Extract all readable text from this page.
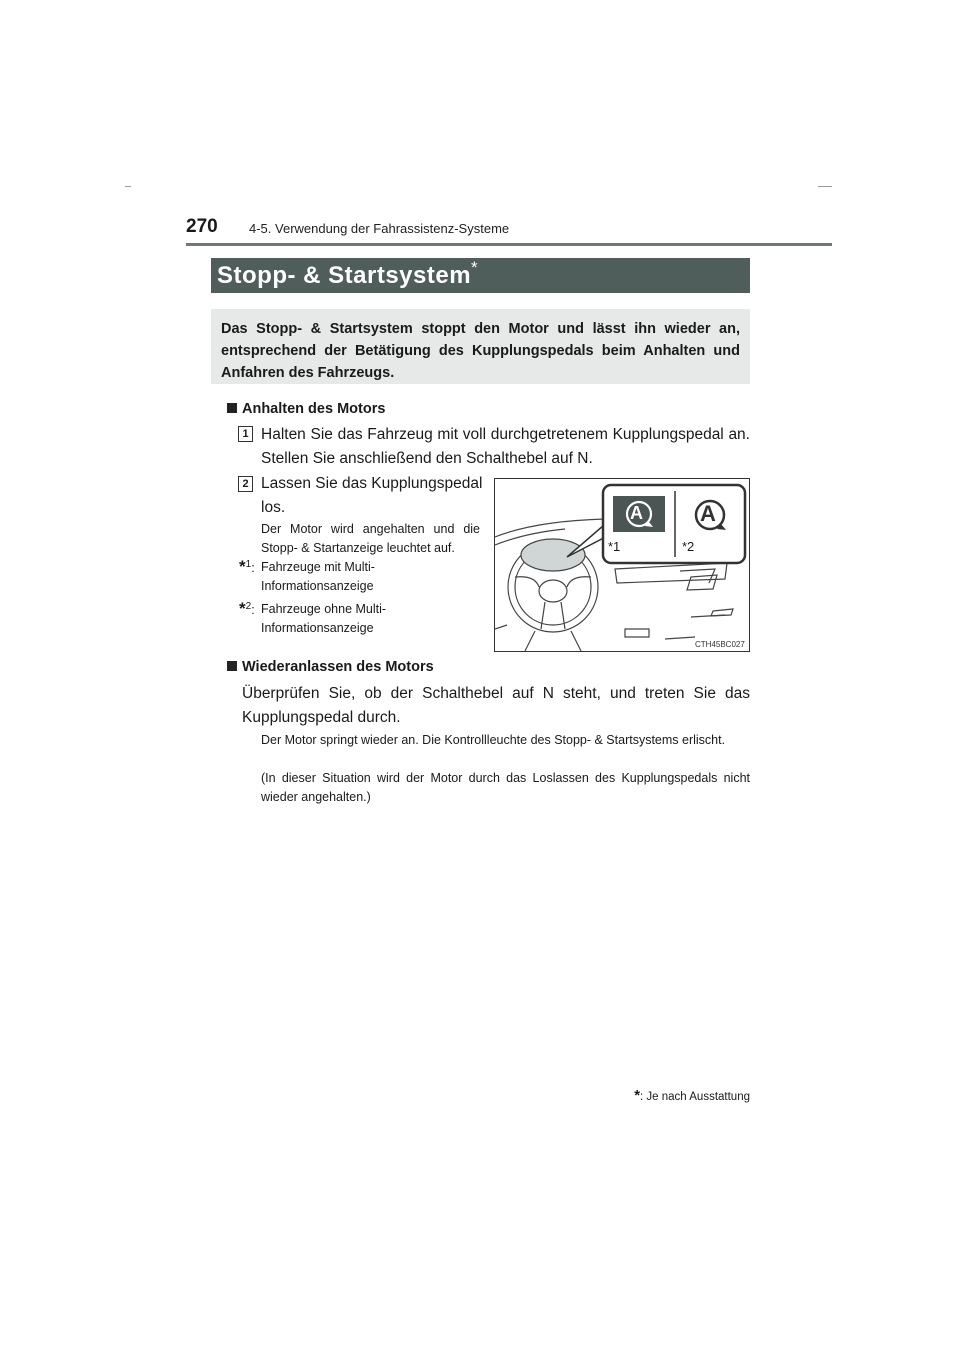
270 4-5. Verwendung der Fahrassistenz-Systeme
Stopp- & Startsystem*
Das Stopp- & Startsystem stoppt den Motor und lässt ihn wieder an, entsprechend der Betätigung des Kupplungspedals beim Anhalten und Anfahren des Fahrzeugs.
Anhalten des Motors
1 Halten Sie das Fahrzeug mit voll durchgetretenem Kupplungspedal an. Stellen Sie anschließend den Schalthebel auf N.
2 Lassen Sie das Kupplungspedal los.
Der Motor wird angehalten und die Stopp- & Startanzeige leuchtet auf.
*$^1$: Fahrzeuge mit Multi-Informationsanzeige
*$^2$: Fahrzeuge ohne Multi-Informationsanzeige
A	A
*1	*2
CTH45BC027
Wiederanlassen des Motors
Überprüfen Sie, ob der Schalthebel auf N steht, und treten Sie das Kupplungspedal durch.
Der Motor springt wieder an. Die Kontrollleuchte des Stopp- & Startsystems erlischt.
(In dieser Situation wird der Motor durch das Loslassen des Kupplungspedals nicht wieder angehalten.)
*: Je nach Ausstattung
